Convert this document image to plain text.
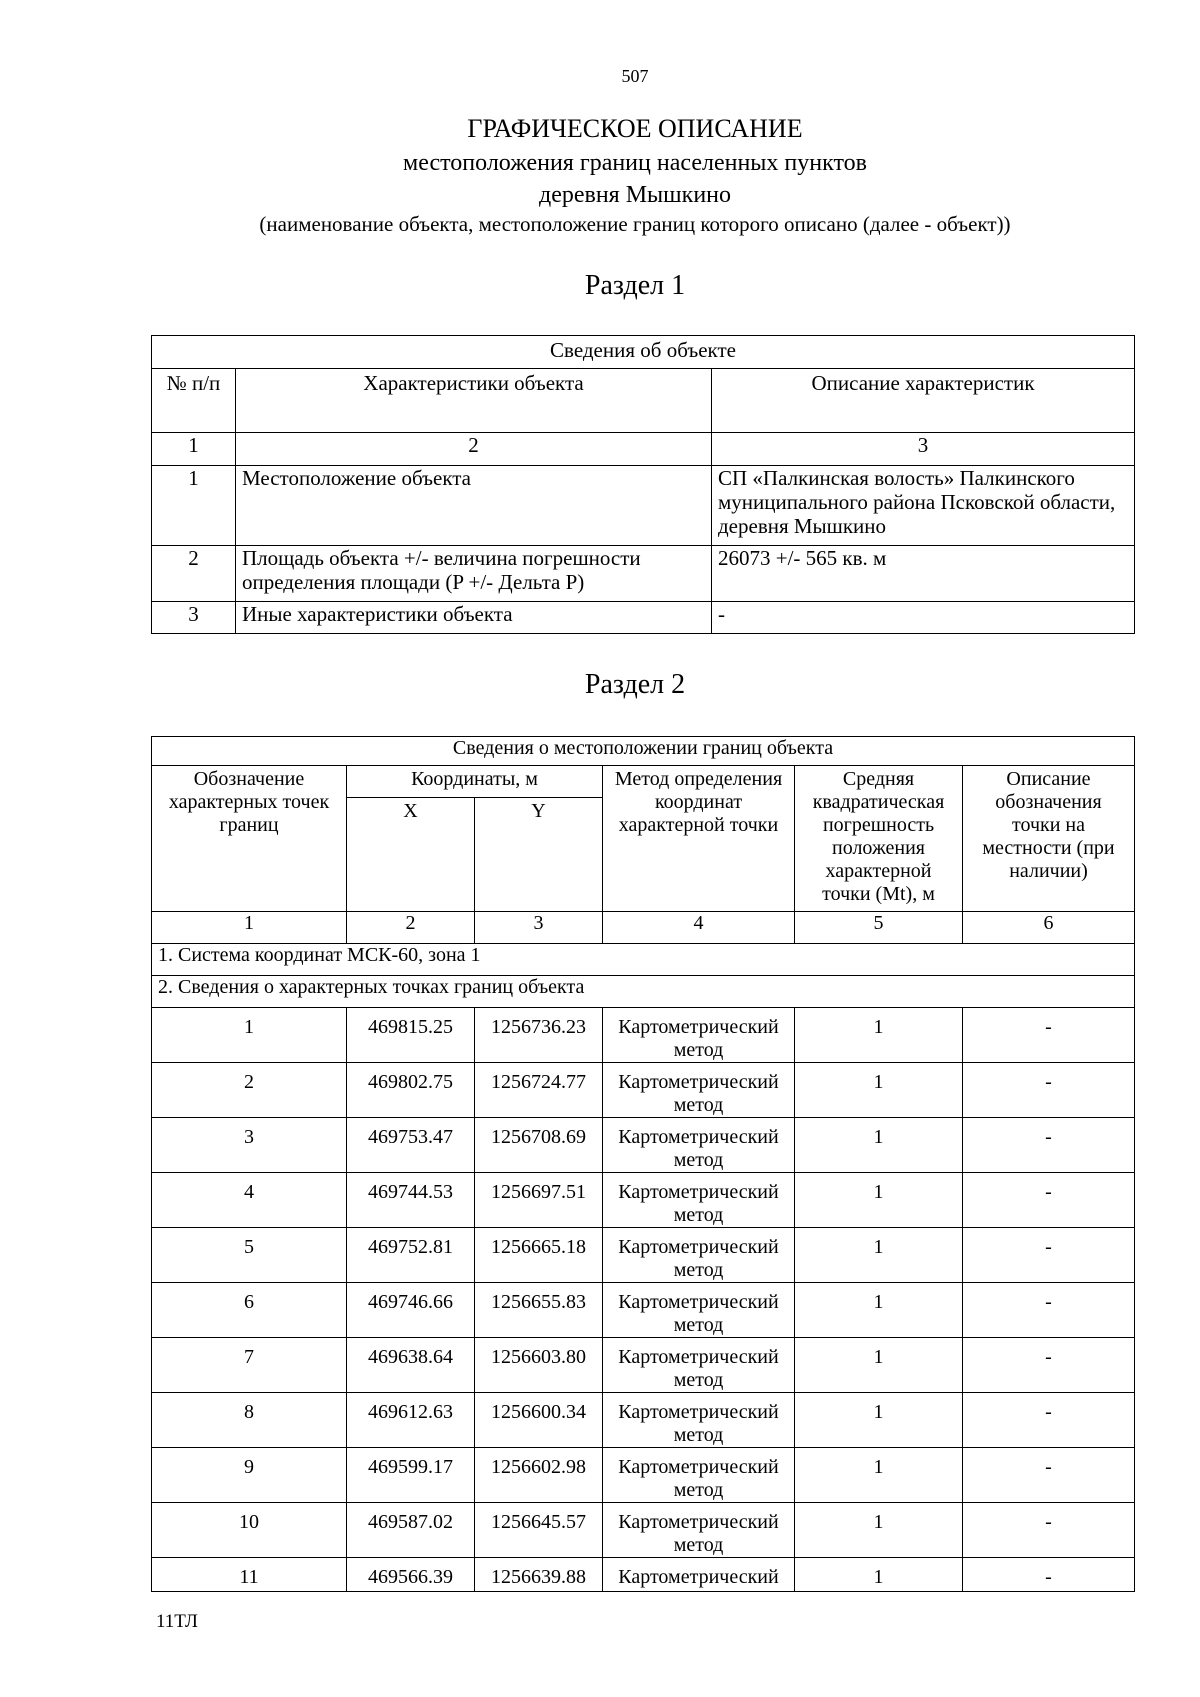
507
ГРАФИЧЕСКОЕ ОПИСАНИЕ
местоположения границ населенных пунктов
деревня Мышкино
(наименование объекта, местоположение границ которого описано (далее - объект))
Раздел 1
Сведения об объекте		
№ п/п	Характеристики объекта	Описание характеристик
1	2	3
1	Местоположение объекта	СП «Палкинская волость» Палкинского муниципального района Псковской области, деревня Мышкино
2	Площадь объекта +/- величина погрешности определения площади (P +/- Дельта P)	26073 +/- 565 кв. м
3	Иные характеристики объекта	-
Раздел 2
Сведения о местоположении границ объекта					
Обозначение характерных точек границ	Координаты, м		Метод определения координат характерной точки	Средняя квадратическая погрешность положения характерной точки (Mt), м	Описание обозначения точки на местности (при наличии)
	X	Y			
1	2	3	4	5	6
1. Система координат МСК-60, зона 1					
2. Сведения о характерных точках границ объекта					
1	469815.25	1256736.23	Картометрический метод	1	-
2	469802.75	1256724.77	Картометрический метод	1	-
3	469753.47	1256708.69	Картометрический метод	1	-
4	469744.53	1256697.51	Картометрический метод	1	-
5	469752.81	1256665.18	Картометрический метод	1	-
6	469746.66	1256655.83	Картометрический метод	1	-
7	469638.64	1256603.80	Картометрический метод	1	-
8	469612.63	1256600.34	Картометрический метод	1	-
9	469599.17	1256602.98	Картометрический метод	1	-
10	469587.02	1256645.57	Картометрический метод	1	-
11	469566.39	1256639.88	Картометрический	1	-
11ТЛ
